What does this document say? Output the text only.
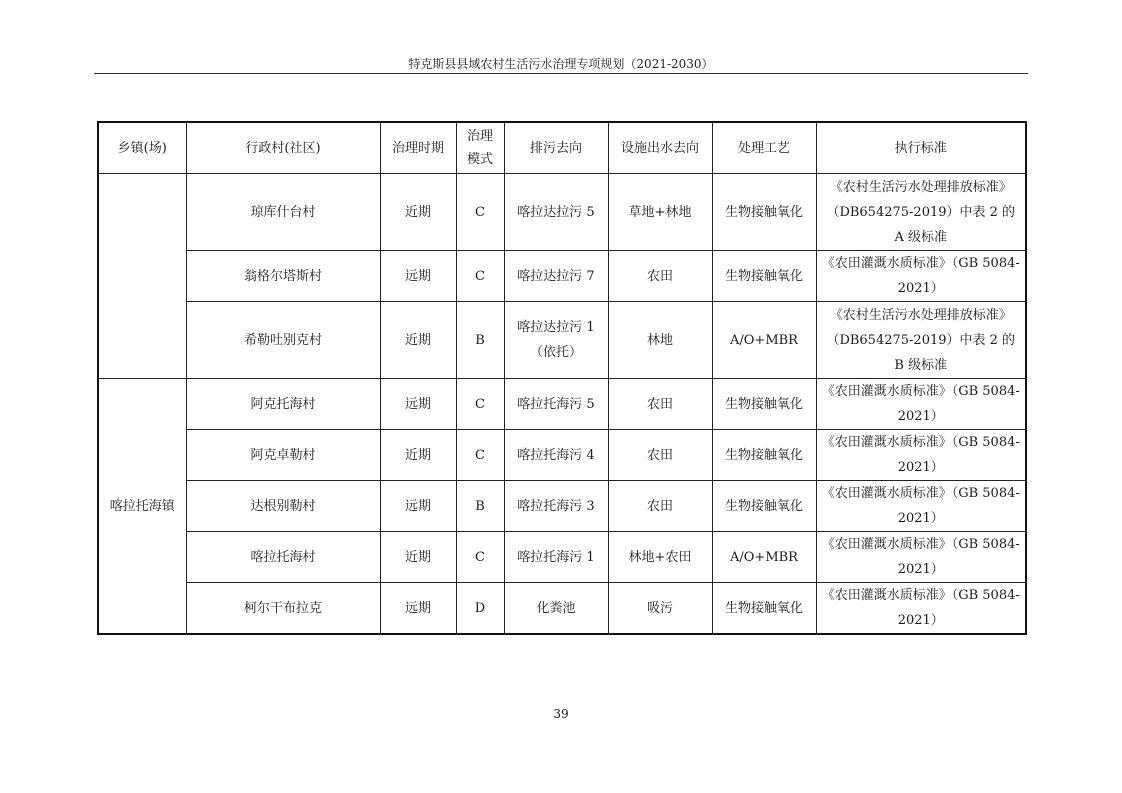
特克斯县县域农村生活污水治理专项规划（2021-2030）
乡镇(场)	行政村(社区)	治理时期	治理模式	排污去向	设施出水去向	处理工艺	执行标准
	琼库什台村	近期	C	喀拉达拉污 5	草地+林地	生物接触氧化	《农村生活污水处理排放标准》（DB654275-2019）中表 2 的 A 级标准
	翁格尔塔斯村	远期	C	喀拉达拉污 7	农田	生物接触氧化	《农田灌溉水质标准》（GB 5084-2021）
	希勒吐别克村	近期	B	喀拉达拉污 1（依托）	林地	A/O+MBR	《农村生活污水处理排放标准》（DB654275-2019）中表 2 的 B 级标准
喀拉托海镇	阿克托海村	远期	C	喀拉托海污 5	农田	生物接触氧化	《农田灌溉水质标准》（GB 5084-2021）
	阿克卓勒村	近期	C	喀拉托海污 4	农田	生物接触氧化	《农田灌溉水质标准》（GB 5084-2021）
	达根别勒村	远期	B	喀拉托海污 3	农田	生物接触氧化	《农田灌溉水质标准》（GB 5084-2021）
	喀拉托海村	近期	C	喀拉托海污 1	林地+农田	A/O+MBR	《农田灌溉水质标准》（GB 5084-2021）
	柯尔干布拉克	远期	D	化粪池	吸污	生物接触氧化	《农田灌溉水质标准》（GB 5084-2021）
39
